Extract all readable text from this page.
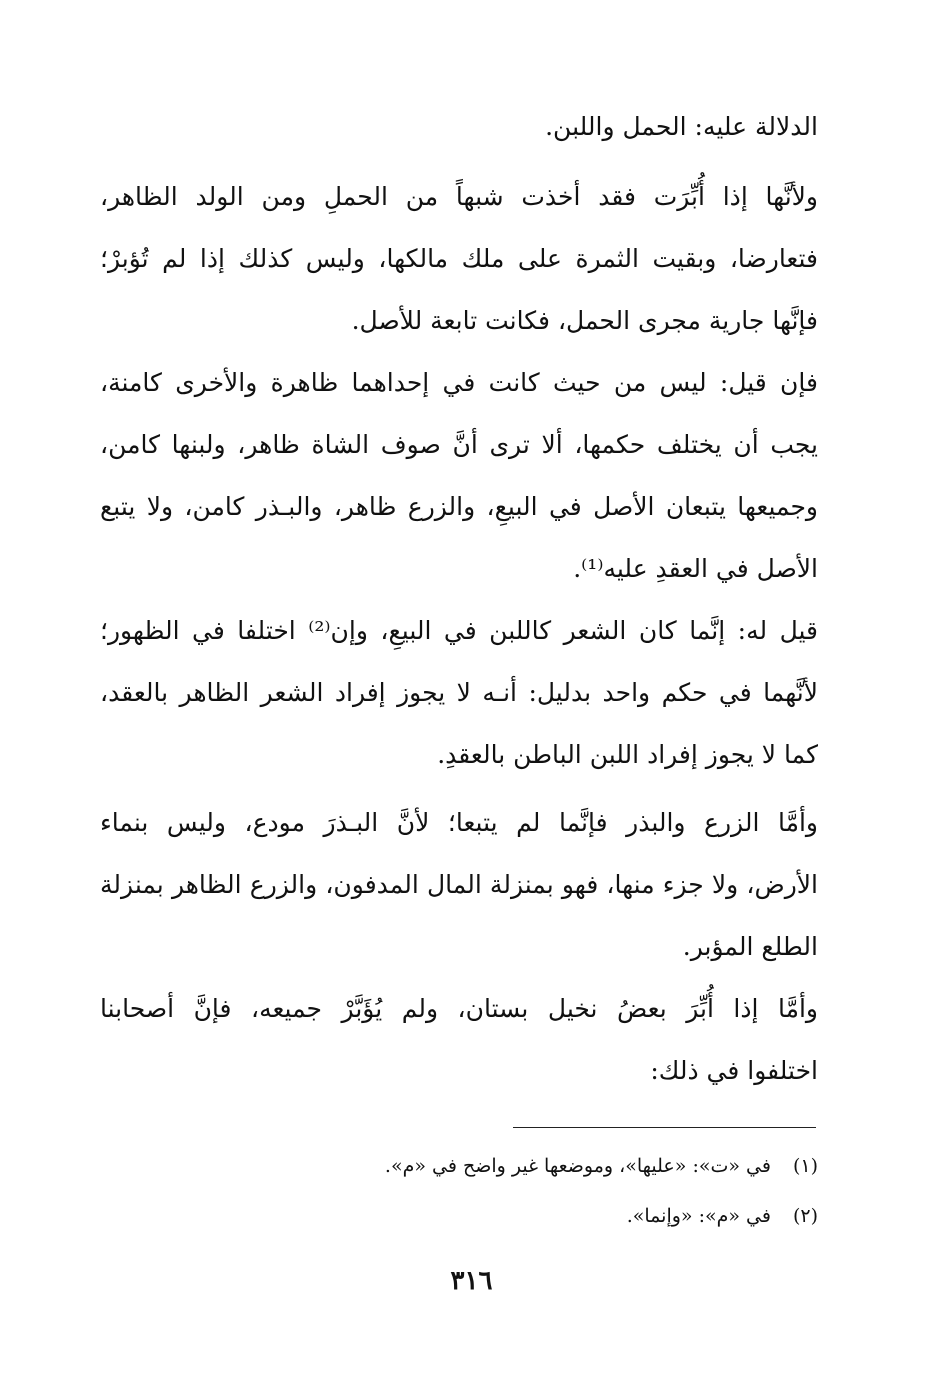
الدلالة عليه: الحمل واللبن.
ولأنَّها إذا أُبِّرَت فقد أخذت شبهاً من الحملِ ومن الولد الظاهر،
فتعارضا، وبقيت الثمرة على ملك مالكها، وليس كذلك إذا لم تُؤبرْ؛
فإنَّها جارية مجرى الحمل، فكانت تابعة للأصل.
فإن قيل: ليس من حيث كانت في إحداهما ظاهرة والأخرى كامنة،
يجب أن يختلف حكمها، ألا ترى أنَّ صوف الشاة ظاهر، ولبنها كامن،
وجميعها يتبعان الأصل في البيعِ، والزرع ظاهر، والبـذر كامن، ولا يتبع
الأصل في العقدِ عليه⁽¹⁾.
قيل له: إنَّما كان الشعر كاللبن في البيعِ، وإن⁽²⁾ اختلفا في الظهور؛
لأنَّهما في حكم واحد بدليل: أنـه لا يجوز إفراد الشعر الظاهر بالعقد،
كما لا يجوز إفراد اللبن الباطن بالعقدِ.
وأمَّا الزرع والبذر فإنَّما لم يتبعا؛ لأنَّ البـذرَ مودع، وليس بنماء
الأرض، ولا جزء منها، فهو بمنزلة المال المدفون، والزرع الظاهر بمنزلة
الطلع المؤبر.
وأمَّا إذا أُبِّرَ بعضُ نخيل بستان، ولم يُؤَبَّرْ جميعه، فإنَّ أصحابنا
اختلفوا في ذلك:
(١)
في «ت»: «عليها»، وموضعها غير واضح في «م».
(٢)
في «م»: «وإنما».
٣١٦
